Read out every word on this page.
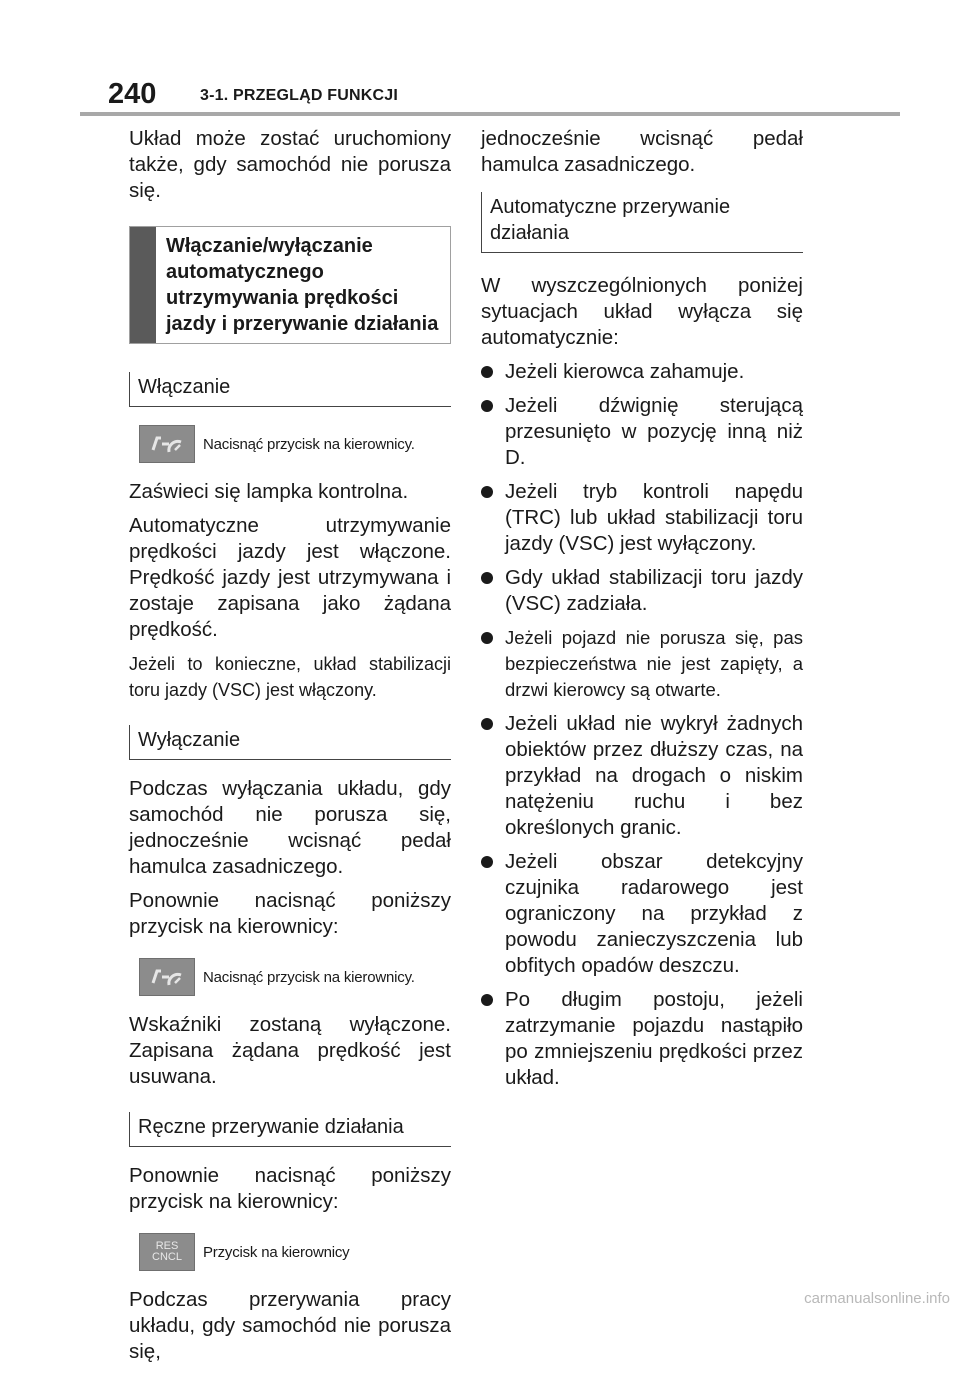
240	3-1. PRZEGLĄD FUNKCJI

Układ może zostać uruchomiony także, gdy samochód nie porusza się.

Włączanie/wyłączanie automatycznego utrzymywania prędkości jazdy i przerywanie działania
Włączanie
Nacisnąć przycisk na kierownicy.

Zaświeci się lampka kontrolna.

Automatyczne utrzymywanie prędkości jazdy jest włączone. Prędkość jazdy jest utrzymywana i zostaje zapisana jako żądana prędkość.

Jeżeli to konieczne, układ stabilizacji toru jazdy (VSC) jest włączony.

Wyłączanie

Podczas wyłączania układu, gdy samochód nie porusza się, jednocześnie wcisnąć pedał hamulca zasadniczego.

Ponownie nacisnąć poniższy przycisk na kierownicy:

Nacisnąć przycisk na kierownicy.

Wskaźniki zostaną wyłączone. Zapisana żądana prędkość jest usuwana.

Ręczne przerywanie działania

Ponownie nacisnąć poniższy przycisk na kierownicy:

RES
CNCL Przycisk na kierownicy

Podczas przerywania pracy układu, gdy samochód nie porusza się,

jednocześnie wcisnąć pedał hamulca zasadniczego.

Automatyczne przerywanie działania

W wyszczególnionych poniżej sytuacjach układ wyłącza się automatycznie:

Jeżeli kierowca zahamuje.
Jeżeli dźwignię sterującą przesunięto w pozycję inną niż D.
Jeżeli tryb kontroli napędu (TRC) lub układ stabilizacji toru jazdy (VSC) jest wyłączony.
Gdy układ stabilizacji toru jazdy (VSC) zadziała.
Jeżeli pojazd nie porusza się, pas bezpieczeństwa nie jest zapięty, a drzwi kierowcy są otwarte.
Jeżeli układ nie wykrył żadnych obiektów przez dłuższy czas, na przykład na drogach o niskim natężeniu ruchu i bez określonych granic.
Jeżeli obszar detekcyjny czujnika radarowego jest ograniczony na przykład z powodu zanieczyszczenia lub obfitych opadów deszczu.
Po długim postoju, jeżeli zatrzymanie pojazdu nastąpiło po zmniejszeniu prędkości przez układ.
carmanualsonline.info
